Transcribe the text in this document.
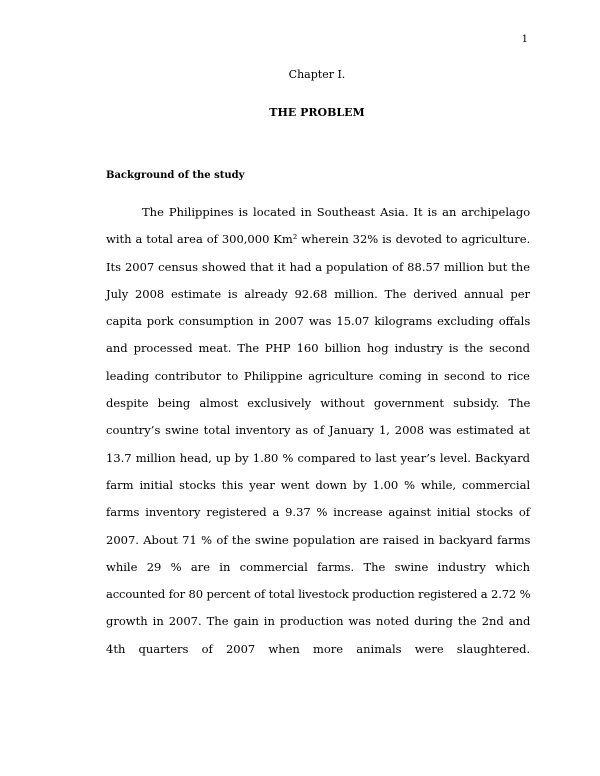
1
Chapter I.
THE PROBLEM
Background of the study
The Philippines is located in Southeast Asia. It is an archipelago
with a total area of 300,000 Km² wherein 32% is devoted to agriculture.
Its 2007 census showed that it had a population of 88.57 million but the
July 2008 estimate is already 92.68 million. The derived annual per
capita pork consumption in 2007 was 15.07 kilograms excluding offals
and processed meat. The PHP 160 billion hog industry is the second
leading contributor to Philippine agriculture coming in second to rice
despite being almost exclusively without government subsidy. The
country’s swine total inventory as of January 1, 2008 was estimated at
13.7 million head, up by 1.80 % compared to last year’s level. Backyard
farm initial stocks this year went down by 1.00 % while, commercial
farms inventory registered a 9.37 % increase against initial stocks of
2007. About 71 % of the swine population are raised in backyard farms
while 29 % are in commercial farms. The swine industry which
accounted for 80 percent of total livestock production registered a 2.72 %
growth in 2007. The gain in production was noted during the 2nd and
4th quarters of 2007 when more animals were slaughtered.
